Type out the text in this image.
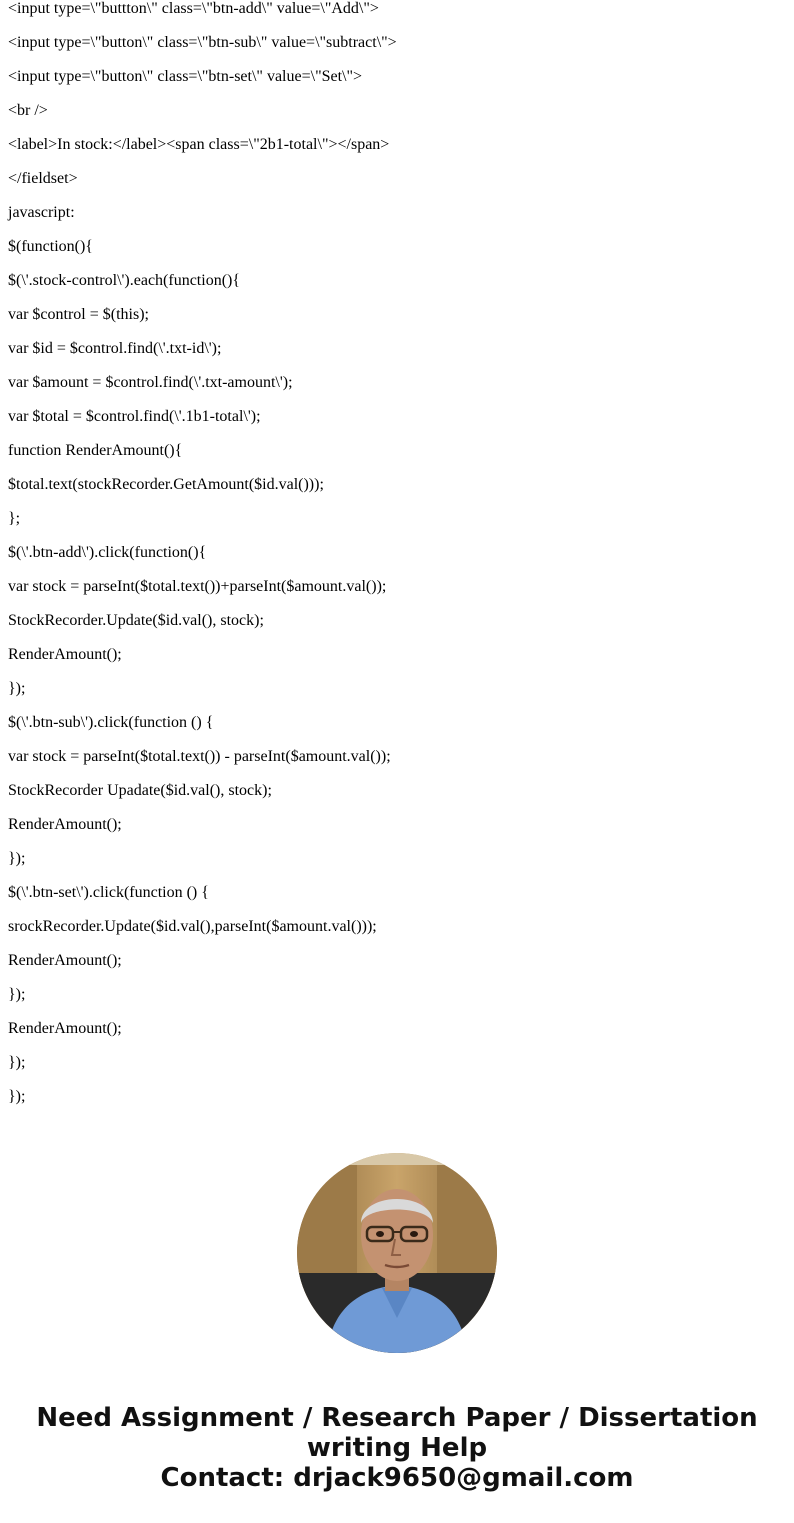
<input type=\"buttton\" class=\"btn-add\" value=\"Add\">
<input type=\"button\" class=\"btn-sub\" value=\"subtract\">
<input type=\"button\" class=\"btn-set\" value=\"Set\">
<br />
<label>In stock:</label><span class=\"2b1-total\"></span>
</fieldset>
javascript:
$(function(){
$(\'.stock-control\').each(function(){
var $control = $(this);
var $id = $control.find(\'.txt-id\');
var $amount = $control.find(\'.txt-amount\');
var $total = $control.find(\'.1b1-total\');
function RenderAmount(){
$total.text(stockRecorder.GetAmount($id.val()));
};
$(\'.btn-add\').click(function(){
var stock = parseInt($total.text())+parseInt($amount.val());
StockRecorder.Update($id.val(), stock);
RenderAmount();
});
$(\'.btn-sub\').click(function () {
var stock = parseInt($total.text()) - parseInt($amount.val());
StockRecorder Upadate($id.val(), stock);
RenderAmount();
});
$(\'.btn-set\').click(function () {
srockRecorder.Update($id.val(),parseInt($amount.val()));
RenderAmount();
});
RenderAmount();
});
});
Need Assignment / Research Paper / Dissertation
writing Help
Contact: drjack9650@gmail.com
